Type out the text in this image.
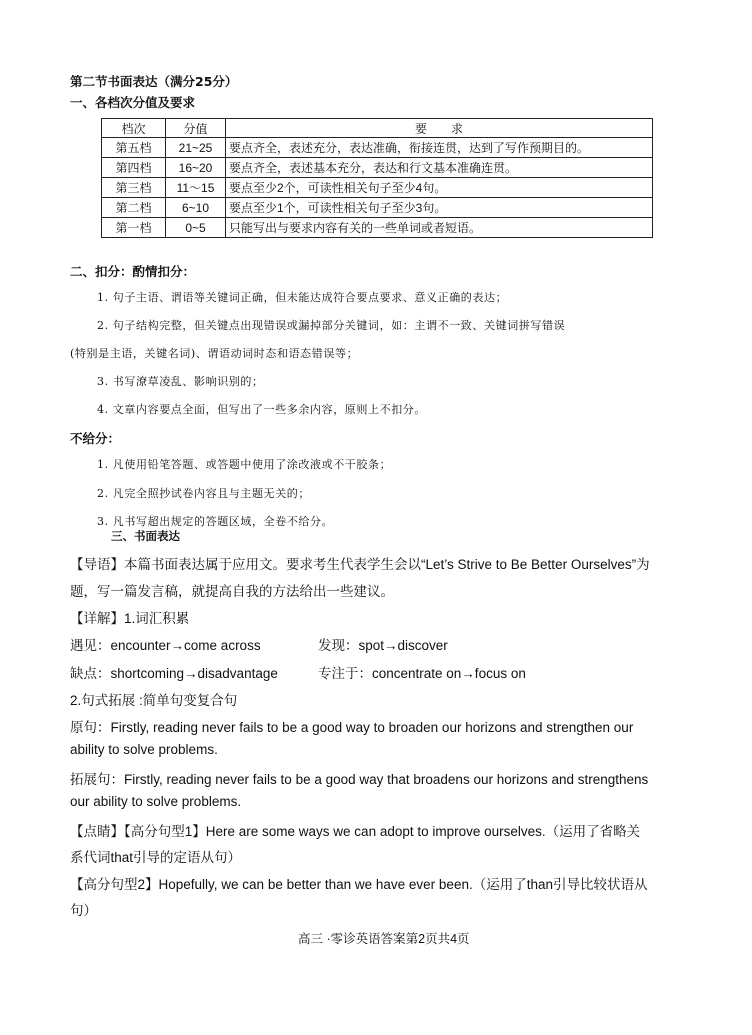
第二节书面表达（满分25分）
一、各档次分值及要求
档次	分值	要　　求
第五档	21~25	要点齐全，表述充分，表达准确，衔接连贯，达到了写作预期目的。
第四档	16~20	要点齐全，表述基本充分，表达和行文基本准确连贯。
第三档	11～15	要点至少2个，可读性相关句子至少4句。
第二档	6~10	要点至少1个，可读性相关句子至少3句。
第一档	0~5	只能写出与要求内容有关的一些单词或者短语。
二、扣分：酌情扣分：
1. 句子主语、谓语等关键词正确，但未能达成符合要点要求、意义正确的表达；
2. 句子结构完整，但关键点出现错误或漏掉部分关键词，如：主谓不一致、关键词拼写错误
(特别是主语，关键名词)、谓语动词时态和语态错误等；
3. 书写潦草凌乱、影响识别的；
4. 文章内容要点全面，但写出了一些多余内容，原则上不扣分。
不给分：
1. 凡使用铅笔答题、或答题中使用了涂改液或不干胶条；
2. 凡完全照抄试卷内容且与主题无关的；
3. 凡书写超出规定的答题区域，全卷不给分。
三、书面表达
【导语】本篇书面表达属于应用文。要求考生代表学生会以“Let’s Strive to Be Better Ourselves”为
题，写一篇发言稿，就提高自我的方法给出一些建议。
【详解】1.词汇积累
遇见：encounter→come across	发现：spot→discover
缺点：shortcoming→disadvantage	专注于：concentrate on→focus on
2.句式拓展 :简单句变复合句
原句：Firstly, reading never fails to be a good way to broaden our horizons and strengthen our
ability to solve problems.
拓展句：Firstly, reading never fails to be a good way that broadens our horizons and strengthens
our ability to solve problems.
【点睛】【高分句型1】Here are some ways we can adopt to improve ourselves.（运用了省略关
系代词that引导的定语从句）
【高分句型2】Hopefully, we can be better than we have ever been.（运用了than引导比较状语从
句）
高三 ·零诊英语答案第2页共4页
